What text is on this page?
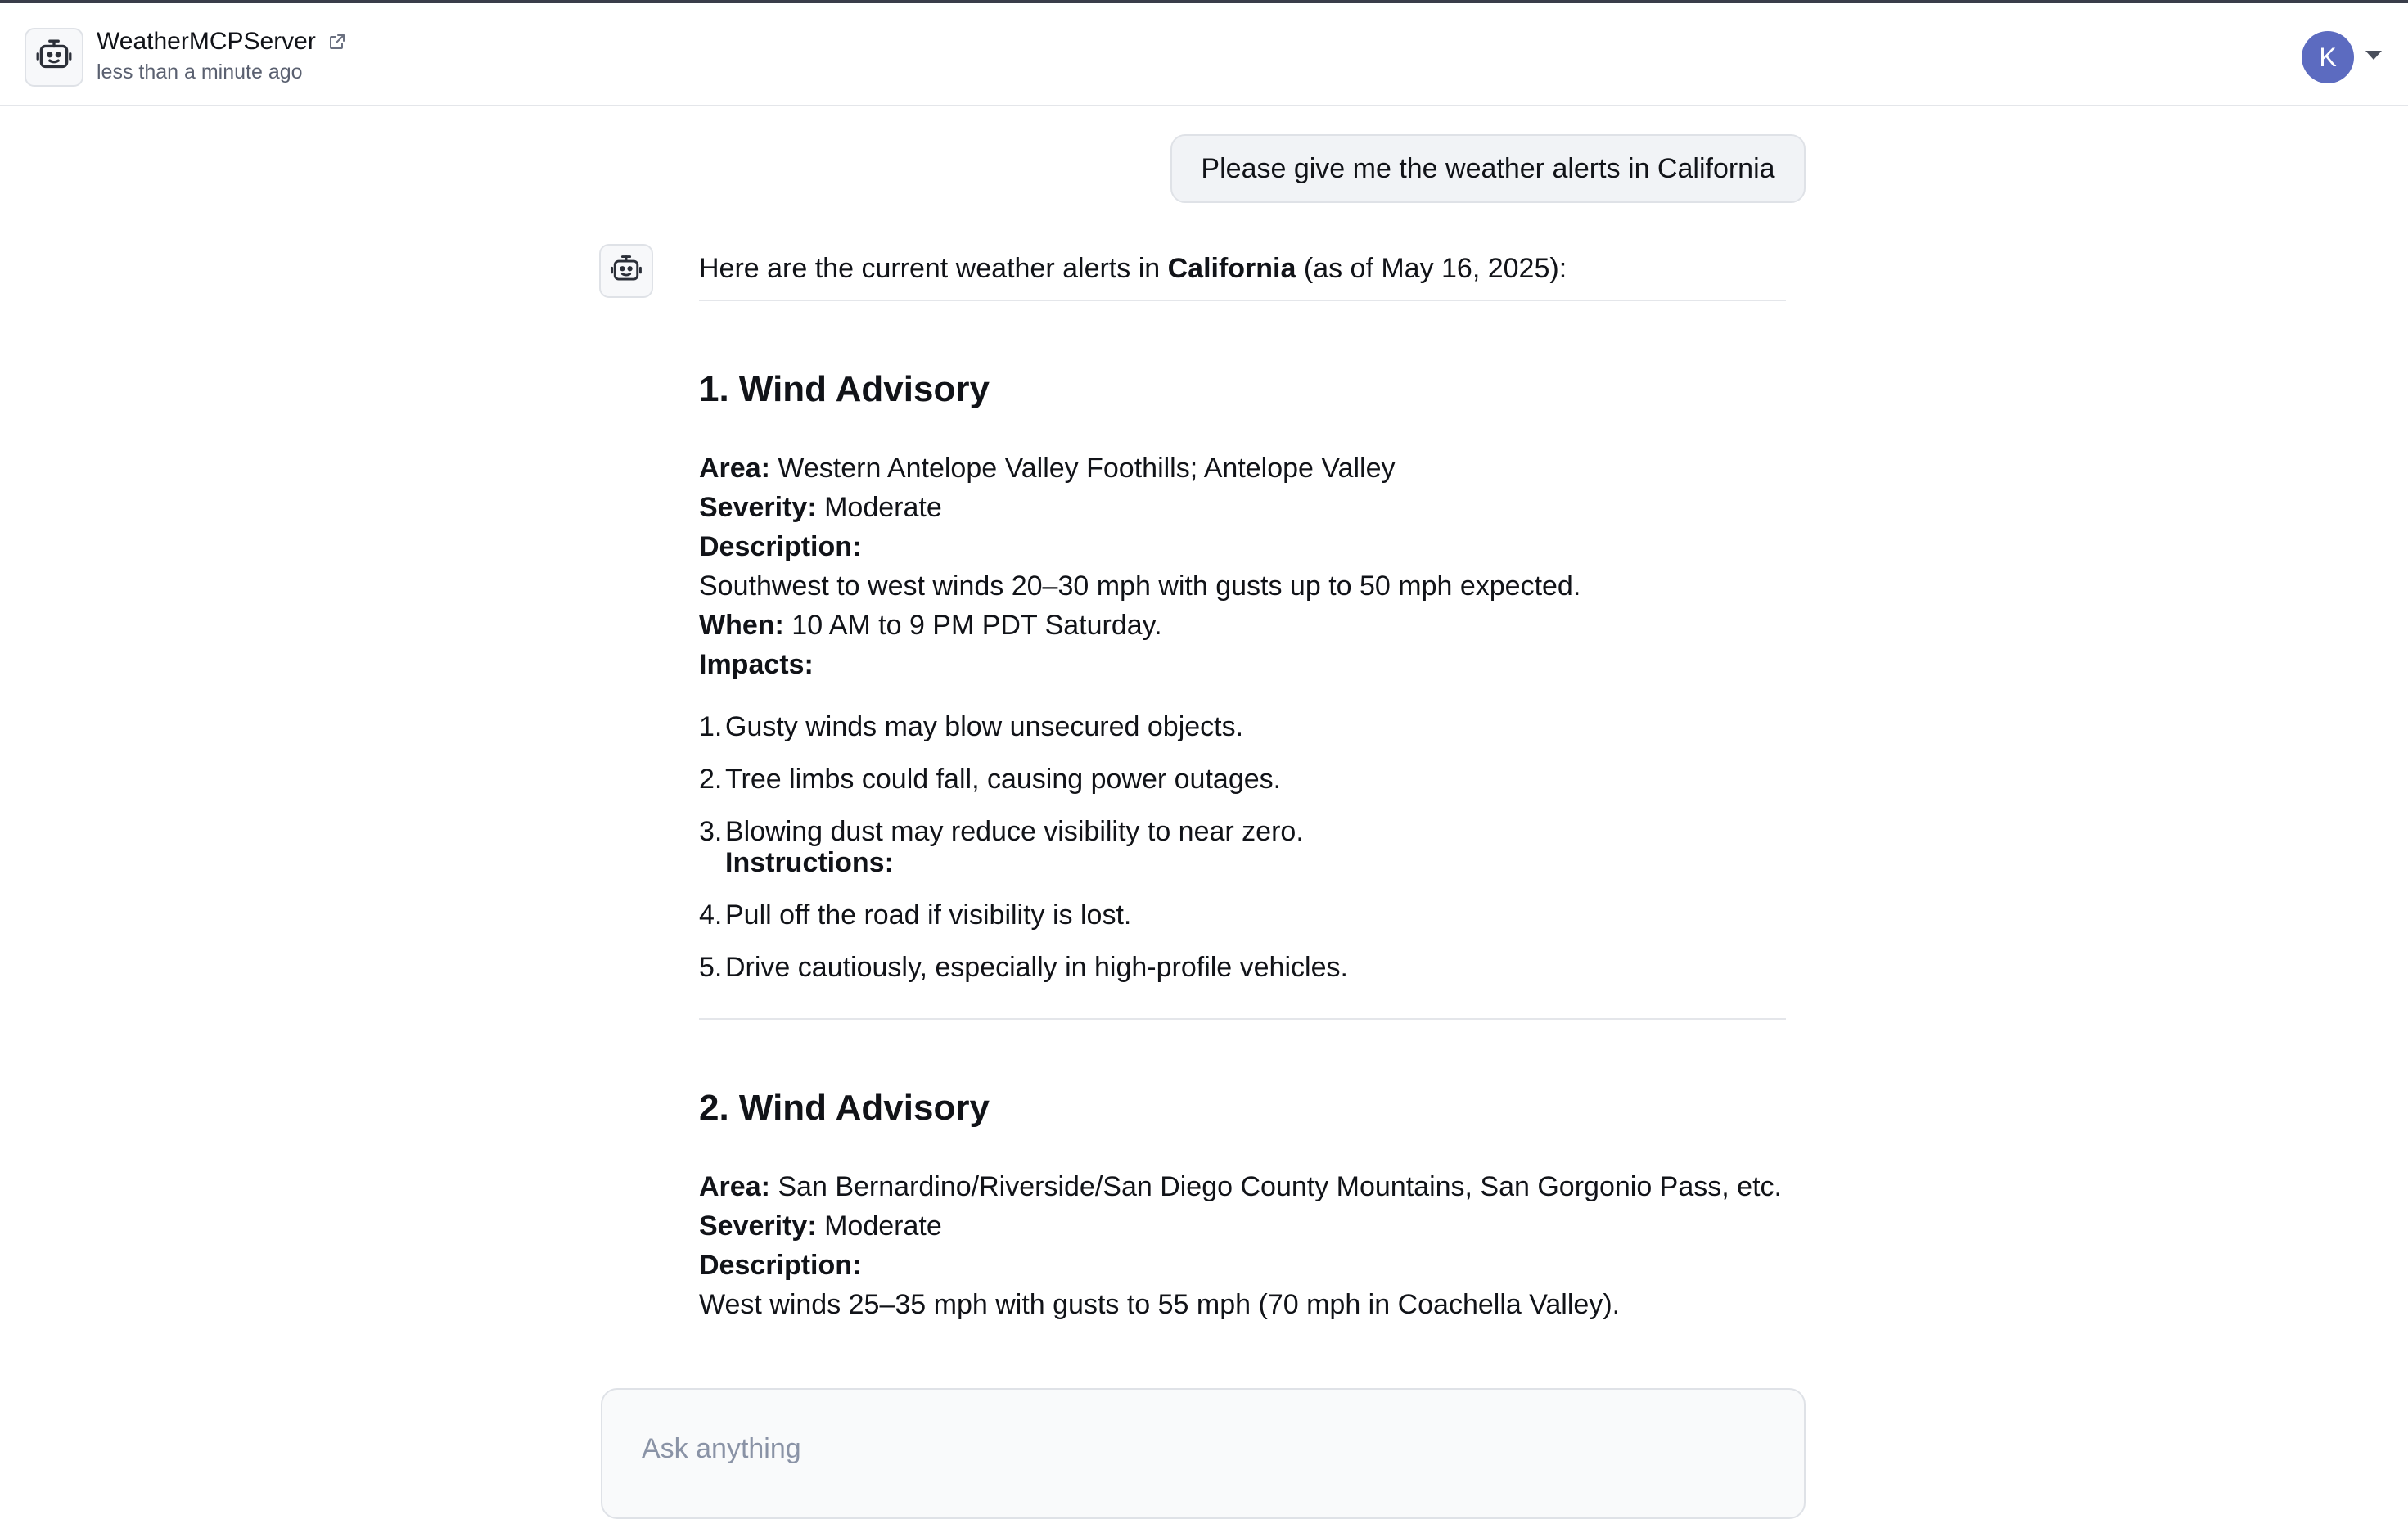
WeatherMCPServer
less than a minute ago
K
Please give me the weather alerts in California
Here are the current weather alerts in California (as of May 16, 2025):
1. Wind Advisory
Area: Western Antelope Valley Foothills; Antelope Valley
Severity: Moderate
Description:
Southwest to west winds 20–30 mph with gusts up to 50 mph expected.
When: 10 AM to 9 PM PDT Saturday.
Impacts:
1. Gusty winds may blow unsecured objects.
2. Tree limbs could fall, causing power outages.
3. Blowing dust may reduce visibility to near zero.
Instructions:
4. Pull off the road if visibility is lost.
5. Drive cautiously, especially in high-profile vehicles.
2. Wind Advisory
Area: San Bernardino/Riverside/San Diego County Mountains, San Gorgonio Pass, etc.
Severity: Moderate
Description:
West winds 25–35 mph with gusts to 55 mph (70 mph in Coachella Valley).
Ask anything
